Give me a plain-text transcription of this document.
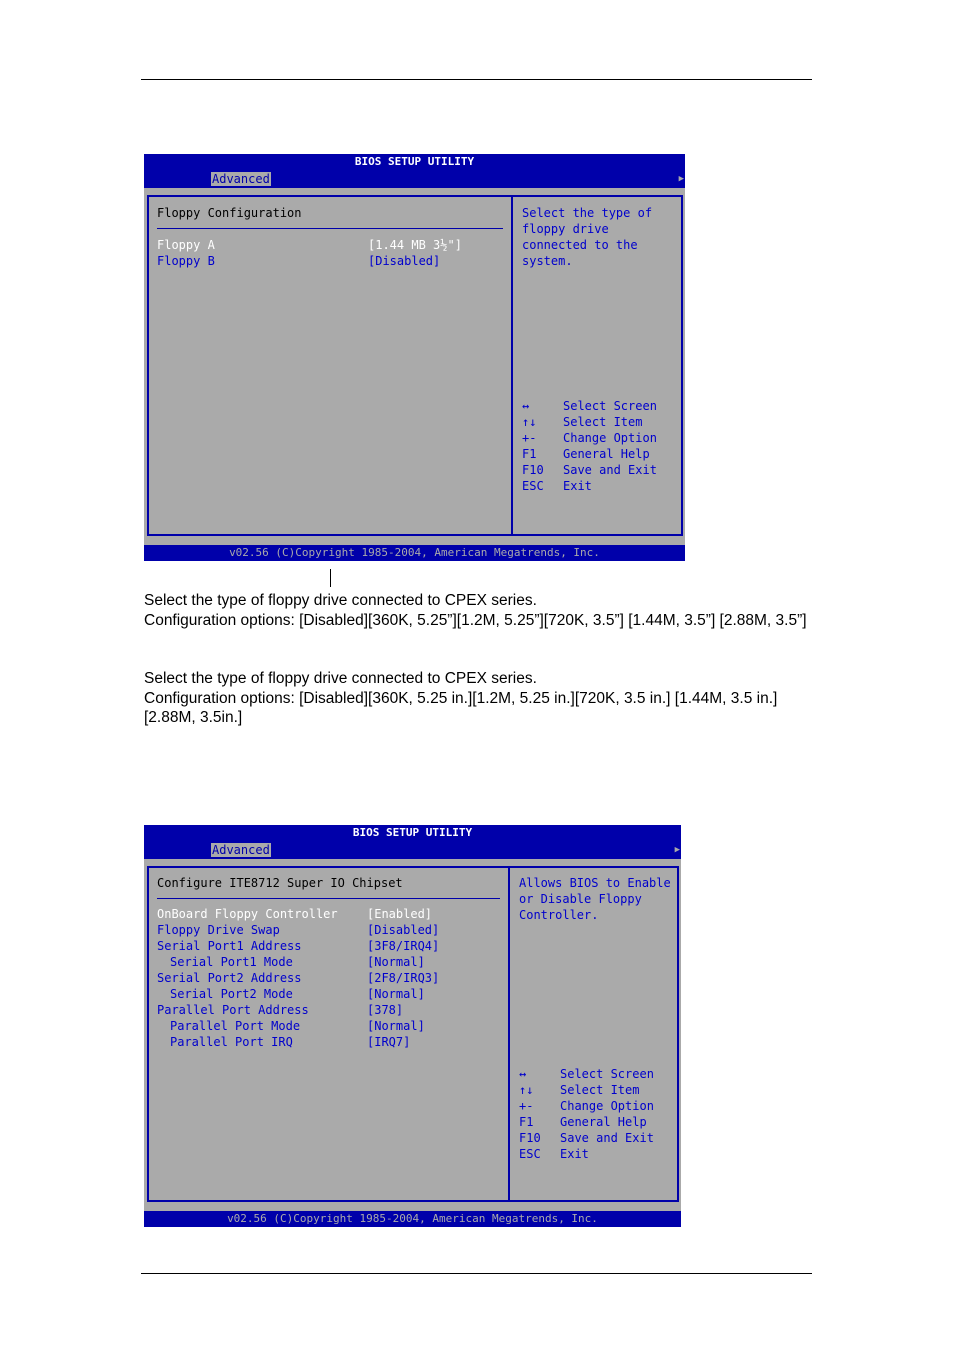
BIOS SETUP UTILITY
Advanced	▶
Floppy Configuration
Floppy A	[1.44 MB 3½"]
Floppy B	[Disabled]
Select the type of
floppy drive
connected to the
system.
↔	Select Screen
↑↓ Select Item
+- Change Option
F1 General Help
F10 Save and Exit
ESC Exit
v02.56 (C)Copyright 1985-2004, American Megatrends, Inc.

Select the type of floppy drive connected to CPEX series.

Configuration options: [Disabled][360K, 5.25”][1.2M, 5.25”][720K, 3.5”] [1.44M, 3.5”] [2.88M, 3.5”]

Select the type of floppy drive connected to CPEX series.

Configuration options: [Disabled][360K, 5.25 in.][1.2M, 5.25 in.][720K, 3.5 in.] [1.44M, 3.5 in.] [2.88M, 3.5in.]

BIOS SETUP UTILITY
Advanced	▶
Configure ITE8712 Super IO Chipset
OnBoard Floppy Controller [Enabled]
Floppy Drive Swap	[Disabled]
Serial Port1 Address	[3F8/IRQ4]
Serial Port1 Mode	[Normal]
Serial Port2 Address	[2F8/IRQ3]
Serial Port2 Mode	[Normal]
Parallel Port Address	[378]
Parallel Port Mode	[Normal]
Parallel Port IRQ	[IRQ7]
Allows BIOS to Enable
or Disable Floppy
Controller.
↔	Select Screen
↑↓ Select Item
+- Change Option
F1 General Help
F10 Save and Exit
ESC Exit
v02.56 (C)Copyright 1985-2004, American Megatrends, Inc.
